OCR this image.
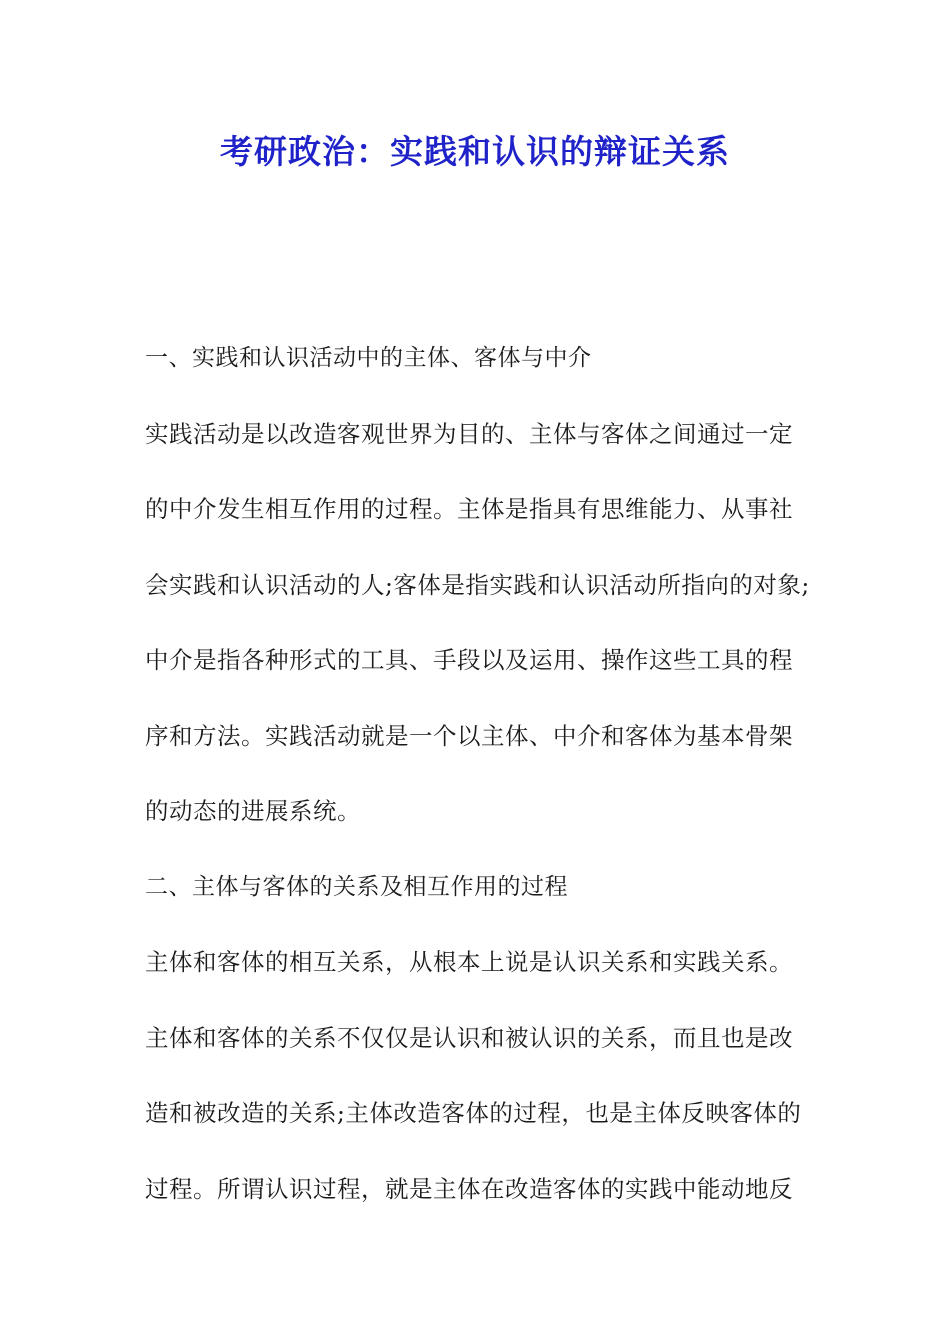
考研政治：实践和认识的辩证关系
一、实践和认识活动中的主体、客体与中介
实践活动是以改造客观世界为目的、主体与客体之间通过一定
的中介发生相互作用的过程。主体是指具有思维能力、从事社
会实践和认识活动的人;客体是指实践和认识活动所指向的对象;
中介是指各种形式的工具、手段以及运用、操作这些工具的程
序和方法。实践活动就是一个以主体、中介和客体为基本骨架
的动态的进展系统。
二、主体与客体的关系及相互作用的过程
主体和客体的相互关系，从根本上说是认识关系和实践关系。
主体和客体的关系不仅仅是认识和被认识的关系，而且也是改
造和被改造的关系;主体改造客体的过程，也是主体反映客体的
过程。所谓认识过程，就是主体在改造客体的实践中能动地反
